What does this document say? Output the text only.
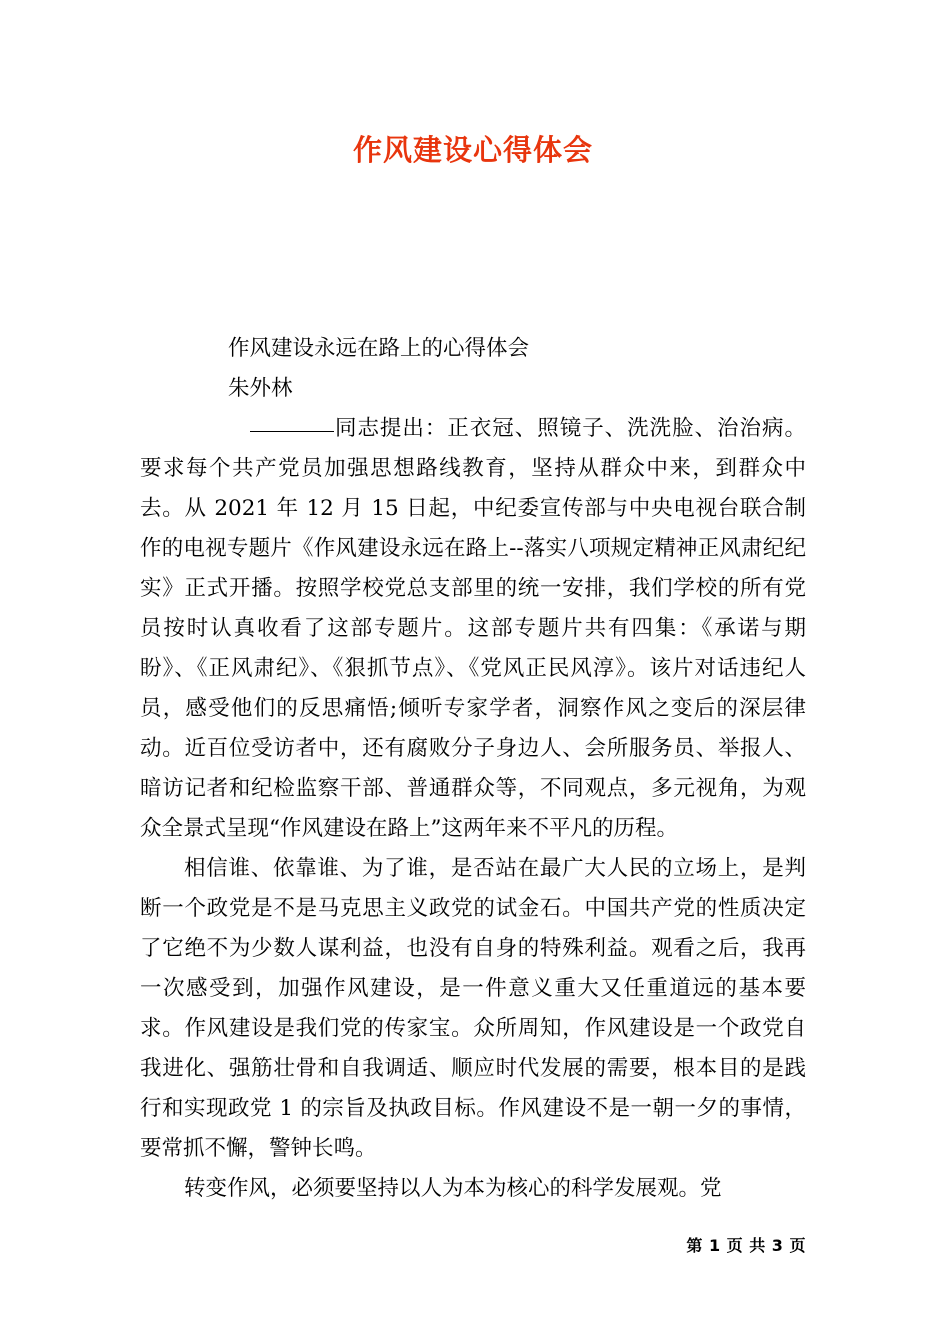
作风建设心得体会

作风建设永远在路上的心得体会

朱外林

同志提出：正衣冠、照镜子、洗洗脸、治治病。要求每个共产党员加强思想路线教育，坚持从群众中来，到群众中去。从 2021 年 12 月 15 日起，中纪委宣传部与中央电视台联合制作的电视专题片《作风建设永远在路上--落实八项规定精神正风肃纪纪实》正式开播。按照学校党总支部里的统一安排，我们学校的所有党员按时认真收看了这部专题片。这部专题片共有四集：《承诺与期盼》、《正风肃纪》、《狠抓节点》、《党风正民风淳》。该片对话违纪人员，感受他们的反思痛悟;倾听专家学者，洞察作风之变后的深层律动。近百位受访者中，还有腐败分子身边人、会所服务员、举报人、暗访记者和纪检监察干部、普通群众等，不同观点，多元视角，为观众全景式呈现“作风建设在路上”这两年来不平凡的历程。

相信谁、依靠谁、为了谁，是否站在最广大人民的立场上，是判断一个政党是不是马克思主义政党的试金石。中国共产党的性质决定了它绝不为少数人谋利益，也没有自身的特殊利益。观看之后，我再一次感受到，加强作风建设，是一件意义重大又任重道远的基本要求。作风建设是我们党的传家宝。众所周知，作风建设是一个政党自我进化、强筋壮骨和自我调适、顺应时代发展的需要，根本目的是践行和实现政党 1 的宗旨及执政目标。作风建设不是一朝一夕的事情，要常抓不懈，警钟长鸣。

转变作风，必须要坚持以人为本为核心的科学发展观。党

第 1 页 共 3 页
